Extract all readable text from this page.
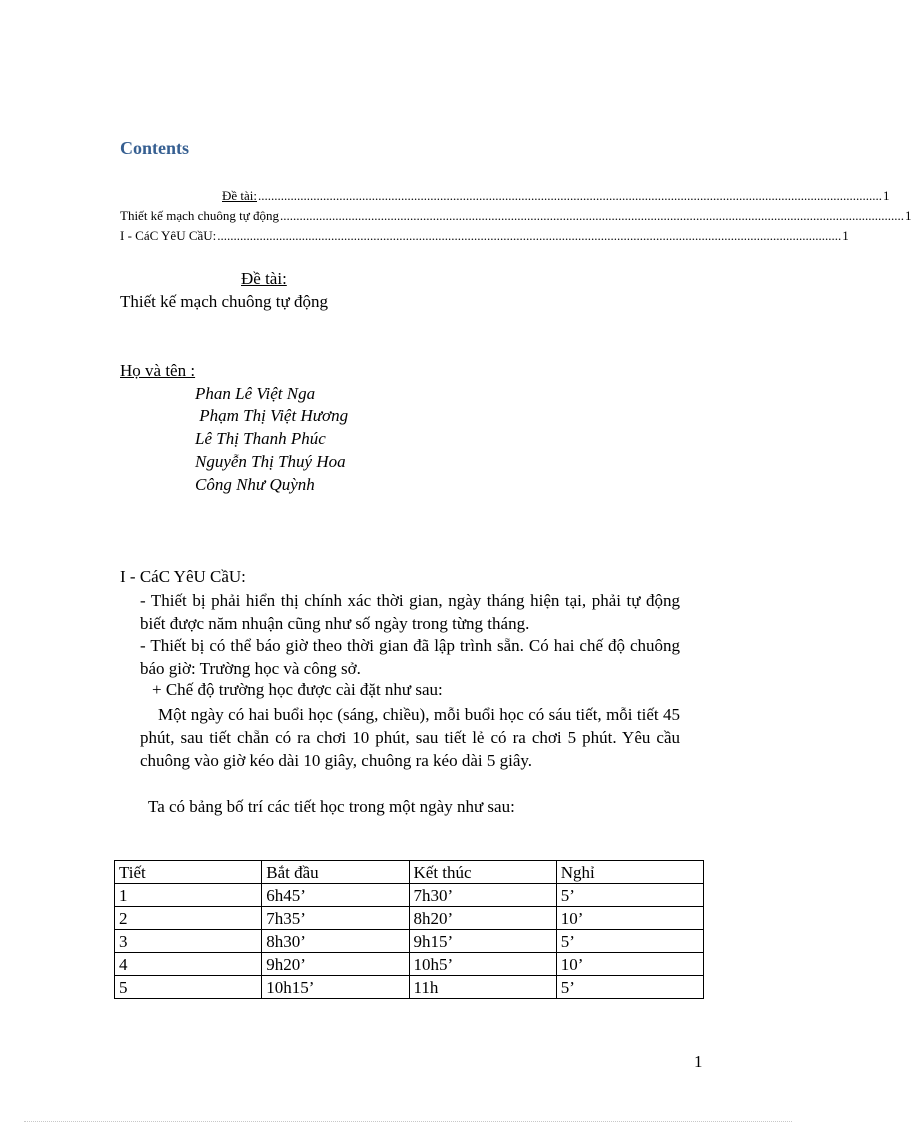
Contents
Đề tài: ................................................................................................................................................................................................ 1
Thiết kế mạch chuông tự động ................................................................................................................................................................................................ 1
I - CáC YêU CầU: ................................................................................................................................................................................................ 1
Đề tài:
Thiết kế mạch chuông tự động
Họ và tên :
Phan Lê Việt Nga
Phạm Thị Việt Hương
Lê Thị Thanh Phúc
Nguyễn Thị Thuý Hoa
Công Như Quỳnh
I - CáC YêU CầU:
- Thiết bị phải hiển thị chính xác thời gian, ngày tháng hiện tại, phải tự động biết được năm nhuận cũng như số ngày trong từng tháng.
- Thiết bị có thể báo giờ theo thời gian đã lập trình sẵn. Có hai chế độ chuông báo giờ: Trường học và công sở.
+ Chế độ trường học được cài đặt như sau:
Một ngày có hai buổi học (sáng, chiều), mỗi buổi học có sáu tiết, mỗi tiết 45 phút, sau tiết chẵn có ra chơi 10 phút, sau tiết lẻ có ra chơi 5 phút. Yêu cầu chuông vào giờ kéo dài 10 giây, chuông ra kéo dài 5 giây.
Ta có bảng bố trí các tiết học trong một ngày như sau:
Tiết	Bắt đầu	Kết thúc	Nghỉ
1	6h45’	7h30’	5’
2	7h35’	8h20’	10’
3	8h30’	9h15’	5’
4	9h20’	10h5’	10’
5	10h15’	11h	5’
1
